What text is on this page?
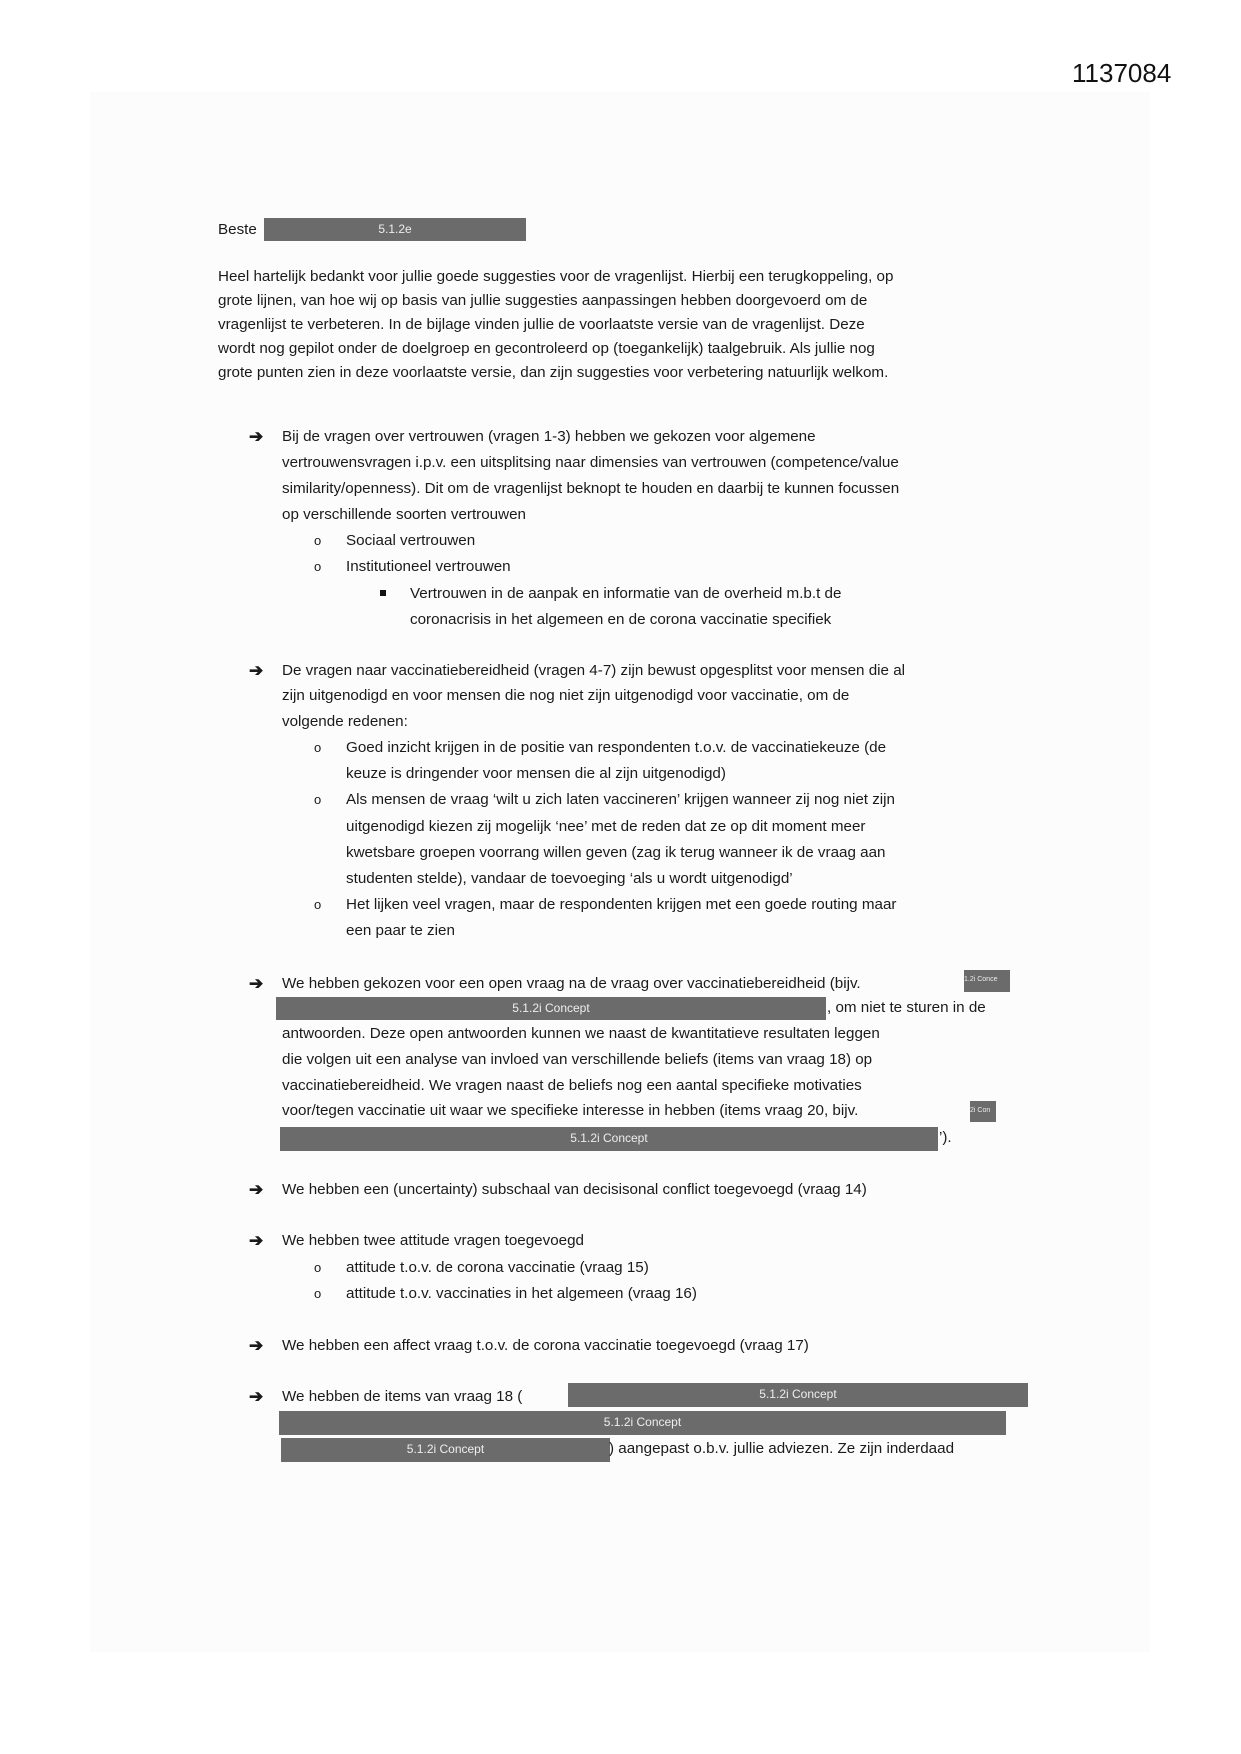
1137084
Beste	5.1.2e
Heel hartelijk bedankt voor jullie goede suggesties voor de vragenlijst. Hierbij een terugkoppeling, op
grote lijnen, van hoe wij op basis van jullie suggesties aanpassingen hebben doorgevoerd om de
vragenlijst te verbeteren. In de bijlage vinden jullie de voorlaatste versie van de vragenlijst. Deze
wordt nog gepilot onder de doelgroep en gecontroleerd op (toegankelijk) taalgebruik. Als jullie nog
grote punten zien in deze voorlaatste versie, dan zijn suggesties voor verbetering natuurlijk welkom.
➔ Bij de vragen over vertrouwen (vragen 1-3) hebben we gekozen voor algemene
vertrouwensvragen i.p.v. een uitsplitsing naar dimensies van vertrouwen (competence/value
similarity/openness). Dit om de vragenlijst beknopt te houden en daarbij te kunnen focussen
op verschillende soorten vertrouwen
o Sociaal vertrouwen
o Institutioneel vertrouwen
Vertrouwen in de aanpak en informatie van de overheid m.b.t de
coronacrisis in het algemeen en de corona vaccinatie specifiek
➔ De vragen naar vaccinatiebereidheid (vragen 4-7) zijn bewust opgesplitst voor mensen die al
zijn uitgenodigd en voor mensen die nog niet zijn uitgenodigd voor vaccinatie, om de
volgende redenen:
o Goed inzicht krijgen in de positie van respondenten t.o.v. de vaccinatiekeuze (de
keuze is dringender voor mensen die al zijn uitgenodigd)
o Als mensen de vraag ‘wilt u zich laten vaccineren’ krijgen wanneer zij nog niet zijn
uitgenodigd kiezen zij mogelijk ‘nee’ met de reden dat ze op dit moment meer
kwetsbare groepen voorrang willen geven (zag ik terug wanneer ik de vraag aan
studenten stelde), vandaar de toevoeging ‘als u wordt uitgenodigd’
o Het lijken veel vragen, maar de respondenten krijgen met een goede routing maar
een paar te zien
➔ We hebben gekozen voor een open vraag na de vraag over vaccinatiebereidheid (bijv.	1.2i Conce
5.1.2i Concept	, om niet te sturen in de
antwoorden. Deze open antwoorden kunnen we naast de kwantitatieve resultaten leggen
die volgen uit een analyse van invloed van verschillende beliefs (items van vraag 18) op
vaccinatiebereidheid. We vragen naast de beliefs nog een aantal specifieke motivaties
voor/tegen vaccinatie uit waar we specifieke interesse in hebben (items vraag 20, bijv.	2i Con
5.1.2i Concept	’).
➔ We hebben een (uncertainty) subschaal van decisisonal conflict toegevoegd (vraag 14)
➔ We hebben twee attitude vragen toegevoegd
o attitude t.o.v. de corona vaccinatie (vraag 15)
o attitude t.o.v. vaccinaties in het algemeen (vraag 16)
➔ We hebben een affect vraag t.o.v. de corona vaccinatie toegevoegd (vraag 17)
➔ We hebben de items van vraag 18 (	5.1.2i Concept
5.1.2i Concept
5.1.2i Concept	) aangepast o.b.v. jullie adviezen. Ze zijn inderdaad
